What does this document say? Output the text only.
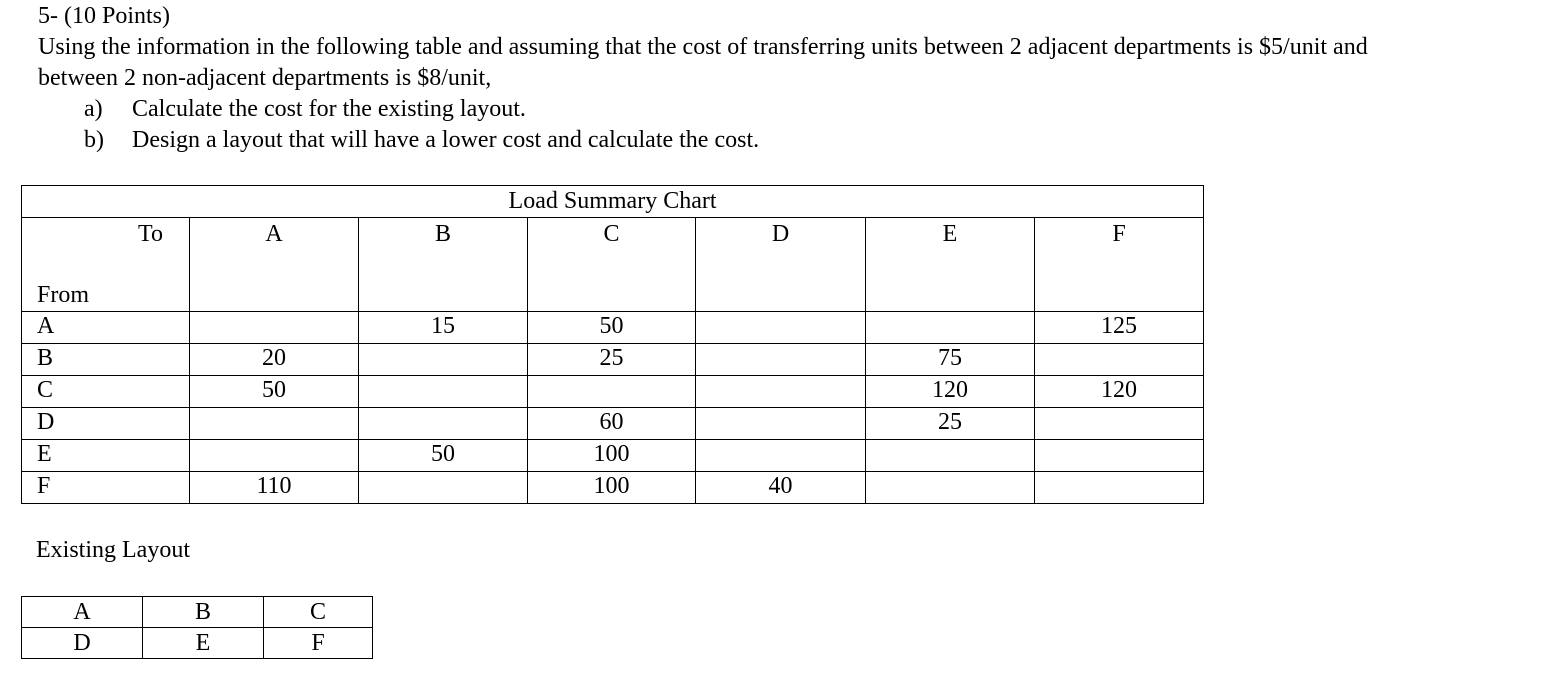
5- (10 Points)

Using the information in the following table and assuming that the cost of transferring units between 2 adjacent departments is $5/unit and

between 2 non-adjacent departments is $8/unit,

a)	Calculate the cost for the existing layout.

b)	Design a layout that will have a lower cost and calculate the cost.

Load Summary Chart						

To
From	A	B	C	D	E	F
A		15	50			125
B	20		25		75	
C	50				120	120
D			60		25	
E		50	100			
F	110		100	40		
Existing Layout
A	B	C
D	E	F
